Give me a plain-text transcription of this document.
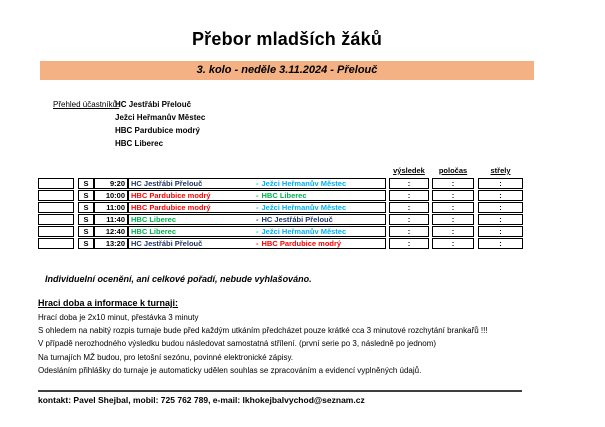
Přebor mladších žáků
3. kolo - neděle 3.11.2024 - Přelouč
Přehled účastníků:
HC Jestřábi Přelouč
Ježci Heřmanův Městec
HBC Pardubice modrý
HBC Liberec
výsledek	poločas	střely
S	9:20 HC Jestřábi Přelouč	- Ježci Heřmanův Městec	:	:	:
S	10:00 HBC Pardubice modrý	- HBC Liberec	:	:	:
S	11:00 HBC Pardubice modrý	- Ježci Heřmanův Městec	:	:	:
S	11:40 HBC Liberec	- HC Jestřábi Přelouč	:	:	:
S	12:40 HBC Liberec	- Ježci Heřmanův Městec	:	:	:
S	13:20 HC Jestřábi Přelouč	- HBC Pardubice modrý	:	:	:
Individuelní ocenění, ani celkové pořadí, nebude vyhlašováno.
Hraci doba a informace k turnaji:
Hrací doba je 2x10 minut, přestávka 3 minuty
S ohledem na nabitý rozpis turnaje bude před každým utkáním předcházet pouze krátké cca 3 minutové rozchytání brankařů !!!
V případě nerozhodného výsledku budou následovat samostatná střílení. (první serie po 3, následně po jednom)
Na turnajích MŽ budou, pro letošní sezónu, povinné elektronické zápisy.
Odesláním přihlášky do turnaje je automaticky udělen souhlas se zpracováním a evidencí vyplněných údajů.
kontakt: Pavel Shejbal, mobil: 725 762 789, e-mail: lkhokejbalvychod@seznam.cz
